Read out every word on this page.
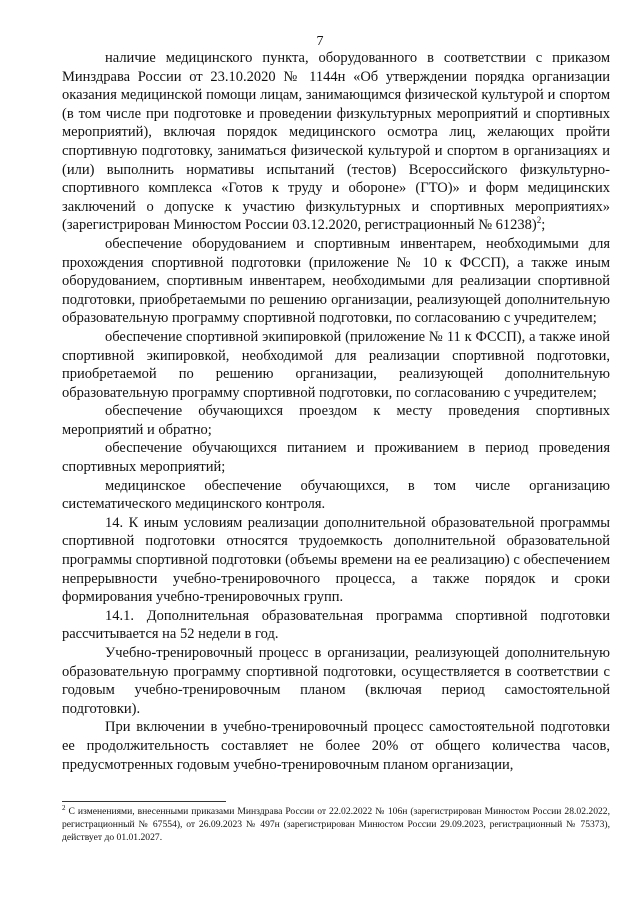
7

наличие медицинского пункта, оборудованного в соответствии с приказом Минздрава России от 23.10.2020 № 1144н «Об утверждении порядка организации оказания медицинской помощи лицам, занимающимся физической культурой и спортом (в том числе при подготовке и проведении физкультурных мероприятий и спортивных мероприятий), включая порядок медицинского осмотра лиц, желающих пройти спортивную подготовку, заниматься физической культурой и спортом в организациях и (или) выполнить нормативы испытаний (тестов) Всероссийского физкультурно-спортивного комплекса «Готов к труду и обороне» (ГТО)» и форм медицинских заключений о допуске к участию физкультурных и спортивных мероприятиях» (зарегистрирован Минюстом России 03.12.2020, регистрационный № 61238)$^2$;

обеспечение оборудованием и спортивным инвентарем, необходимыми для прохождения спортивной подготовки (приложение № 10 к ФССП), а также иным оборудованием, спортивным инвентарем, необходимыми для реализации спортивной подготовки, приобретаемыми по решению организации, реализующей дополнительную образовательную программу спортивной подготовки, по согласованию с учредителем;

обеспечение спортивной экипировкой (приложение № 11 к ФССП), а также иной спортивной экипировкой, необходимой для реализации спортивной подготовки, приобретаемой по решению организации, реализующей дополнительную образовательную программу спортивной подготовки, по согласованию с учредителем;

обеспечение обучающихся проездом к месту проведения спортивных мероприятий и обратно;

обеспечение обучающихся питанием и проживанием в период проведения спортивных мероприятий;

медицинское обеспечение обучающихся, в том числе организацию систематического медицинского контроля.

14. К иным условиям реализации дополнительной образовательной программы спортивной подготовки относятся трудоемкость дополнительной образовательной программы спортивной подготовки (объемы времени на ее реализацию) с обеспечением непрерывности учебно-тренировочного процесса, а также порядок и сроки формирования учебно-тренировочных групп.

14.1. Дополнительная образовательная программа спортивной подготовки рассчитывается на 52 недели в год.

Учебно-тренировочный процесс в организации, реализующей дополнительную образовательную программу спортивной подготовки, осуществляется в соответствии с годовым учебно-тренировочным планом (включая период самостоятельной подготовки).

При включении в учебно-тренировочный процесс самостоятельной подготовки ее продолжительность составляет не более 20% от общего количества часов, предусмотренных годовым учебно-тренировочным планом организации,

$^2$ С изменениями, внесенными приказами Минздрава России от 22.02.2022 № 106н (зарегистрирован Минюстом России 28.02.2022, регистрационный № 67554), от 26.09.2023 № 497н (зарегистрирован Минюстом России 29.09.2023, регистрационный № 75373), действует до 01.01.2027.
